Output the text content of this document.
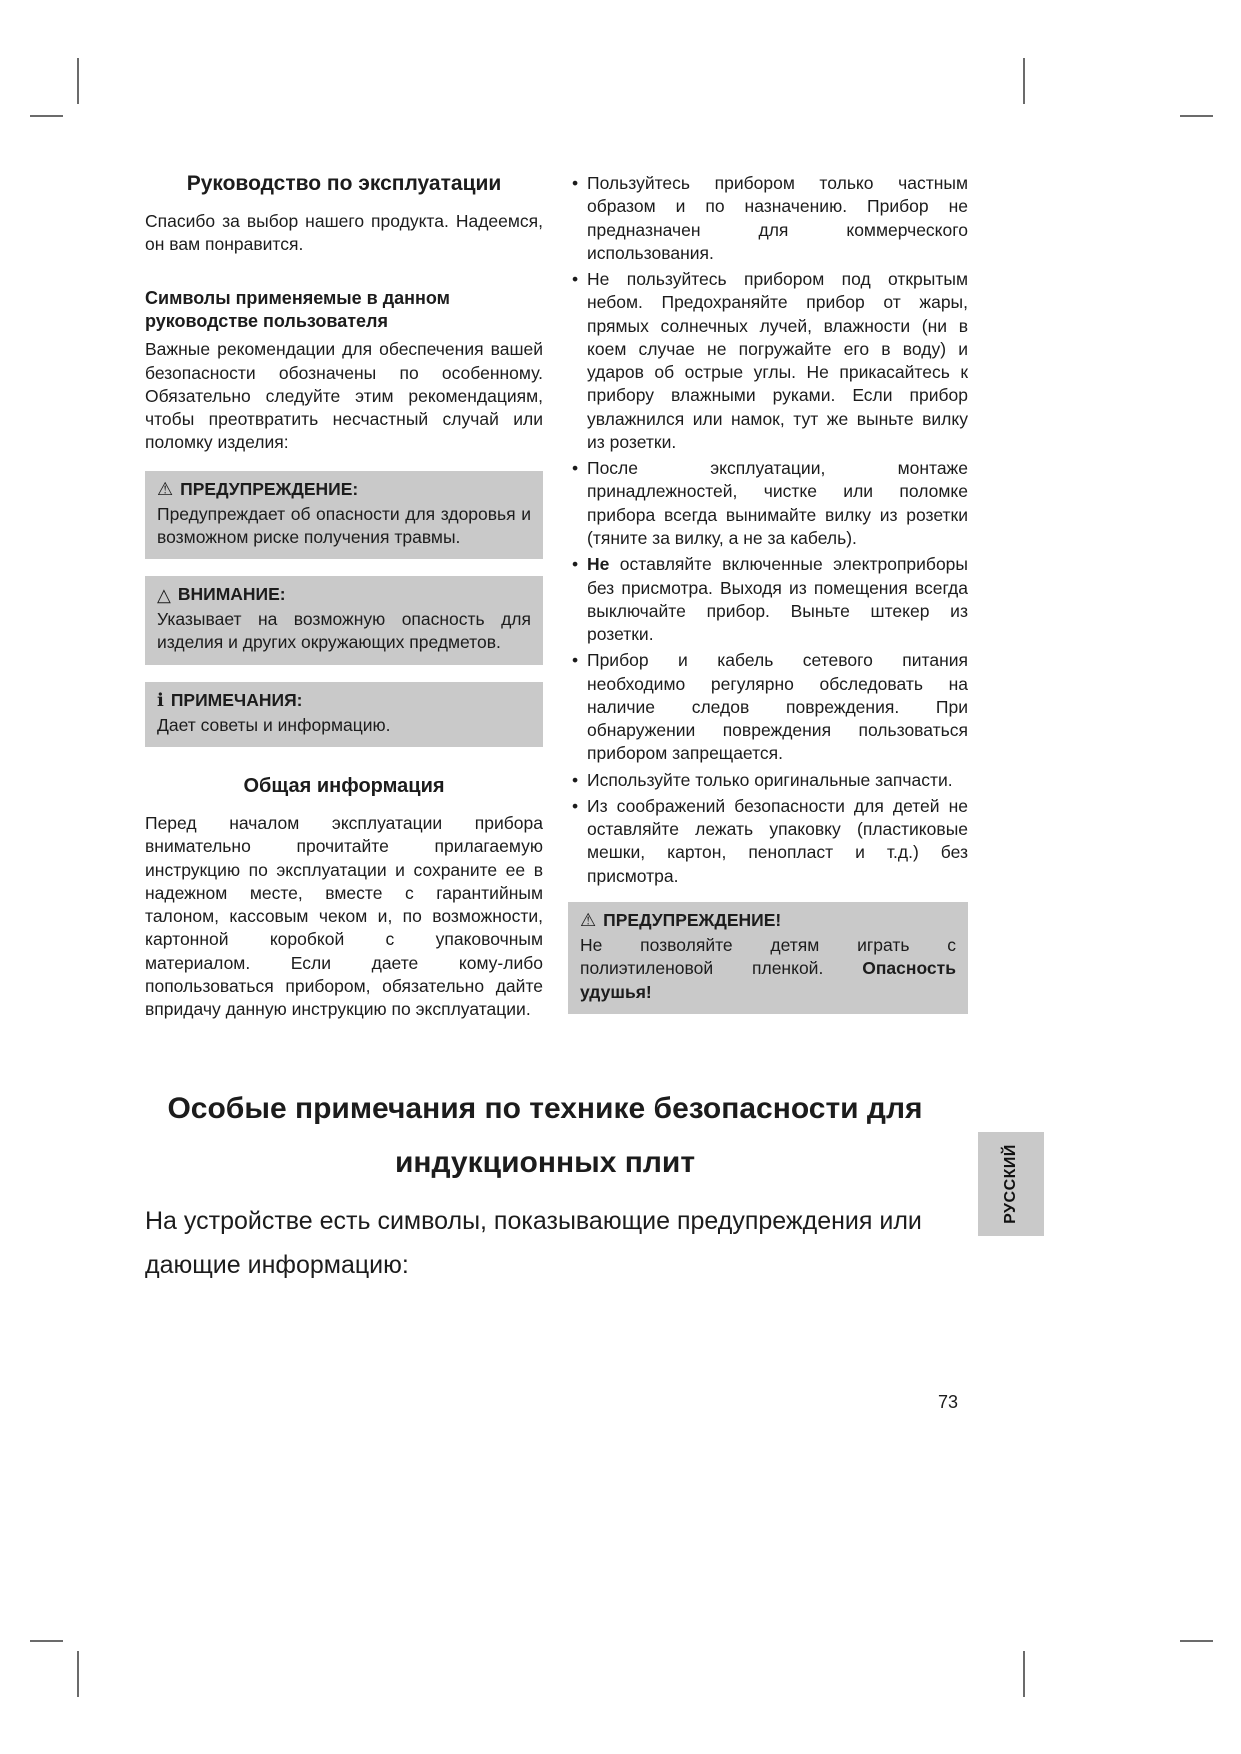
Руководство по эксплуатации

Спасибо за выбор нашего продукта. Надеемся, он вам понравится.

Символы применяемые в данном руководстве пользователя

Важные рекомендации для обеспечения вашей безопасности обозначены по особенному. Обязательно следуйте этим рекомендациям, чтобы преотвратить несчастный случай или поломку изделия:

⚠ ПРЕДУПРЕЖДЕНИЕ:

Предупреждает об опасности для здоровья и возможном риске получения травмы.

△ ВНИМАНИЕ:

Указывает на возможную опасность для изделия и других окружающих предметов.

ℹ ПРИМЕЧАНИЯ:

Дает советы и информацию.

Общая информация

Перед началом эксплуатации прибора внимательно прочитайте прилагаемую инструкцию по эксплуатации и сохраните ее в надежном месте, вместе с гарантийным талоном, кассовым чеком и, по возможности, картонной коробкой с упаковочным материалом. Если даете кому-либо попользоваться прибором, обязательно дайте впридачу данную инструкцию по эксплуатации.

• Пользуйтесь прибором только частным образом и по назначению. Прибор не предназначен для коммерческого использования.
• Не пользуйтесь прибором под открытым небом. Предохраняйте прибор от жары, прямых солнечных лучей, влажности (ни в коем случае не погружайте его в воду) и ударов об острые углы. Не прикасайтесь к прибору влажными руками. Если прибор увлажнился или намок, тут же выньте вилку из розетки.
• После эксплуатации, монтаже принадлежностей, чистке или поломке прибора всегда вынимайте вилку из розетки (тяните за вилку, а не за кабель).
• Не оставляйте включенные электроприборы без присмотра. Выходя из помещения всегда выключайте прибор. Выньте штекер из розетки.
• Прибор и кабель сетевого питания необходимо регулярно обследовать на наличие следов повреждения. При обнаружении повреждения пользоваться прибором запрещается.
• Используйте только оригинальные запчасти.
• Из соображений безопасности для детей не оставляйте лежать упаковку (пластиковые мешки, картон, пенопласт и т.д.) без присмотра.
⚠ ПРЕДУПРЕЖДЕНИЕ!

Не позволяйте детям играть с полиэтиленовой пленкой. Опасность удушья!

Особые примечания по технике безопасности для индукционных плит

На устройстве есть символы, показывающие предупреждения или дающие информацию:

РУССКИЙ
73
